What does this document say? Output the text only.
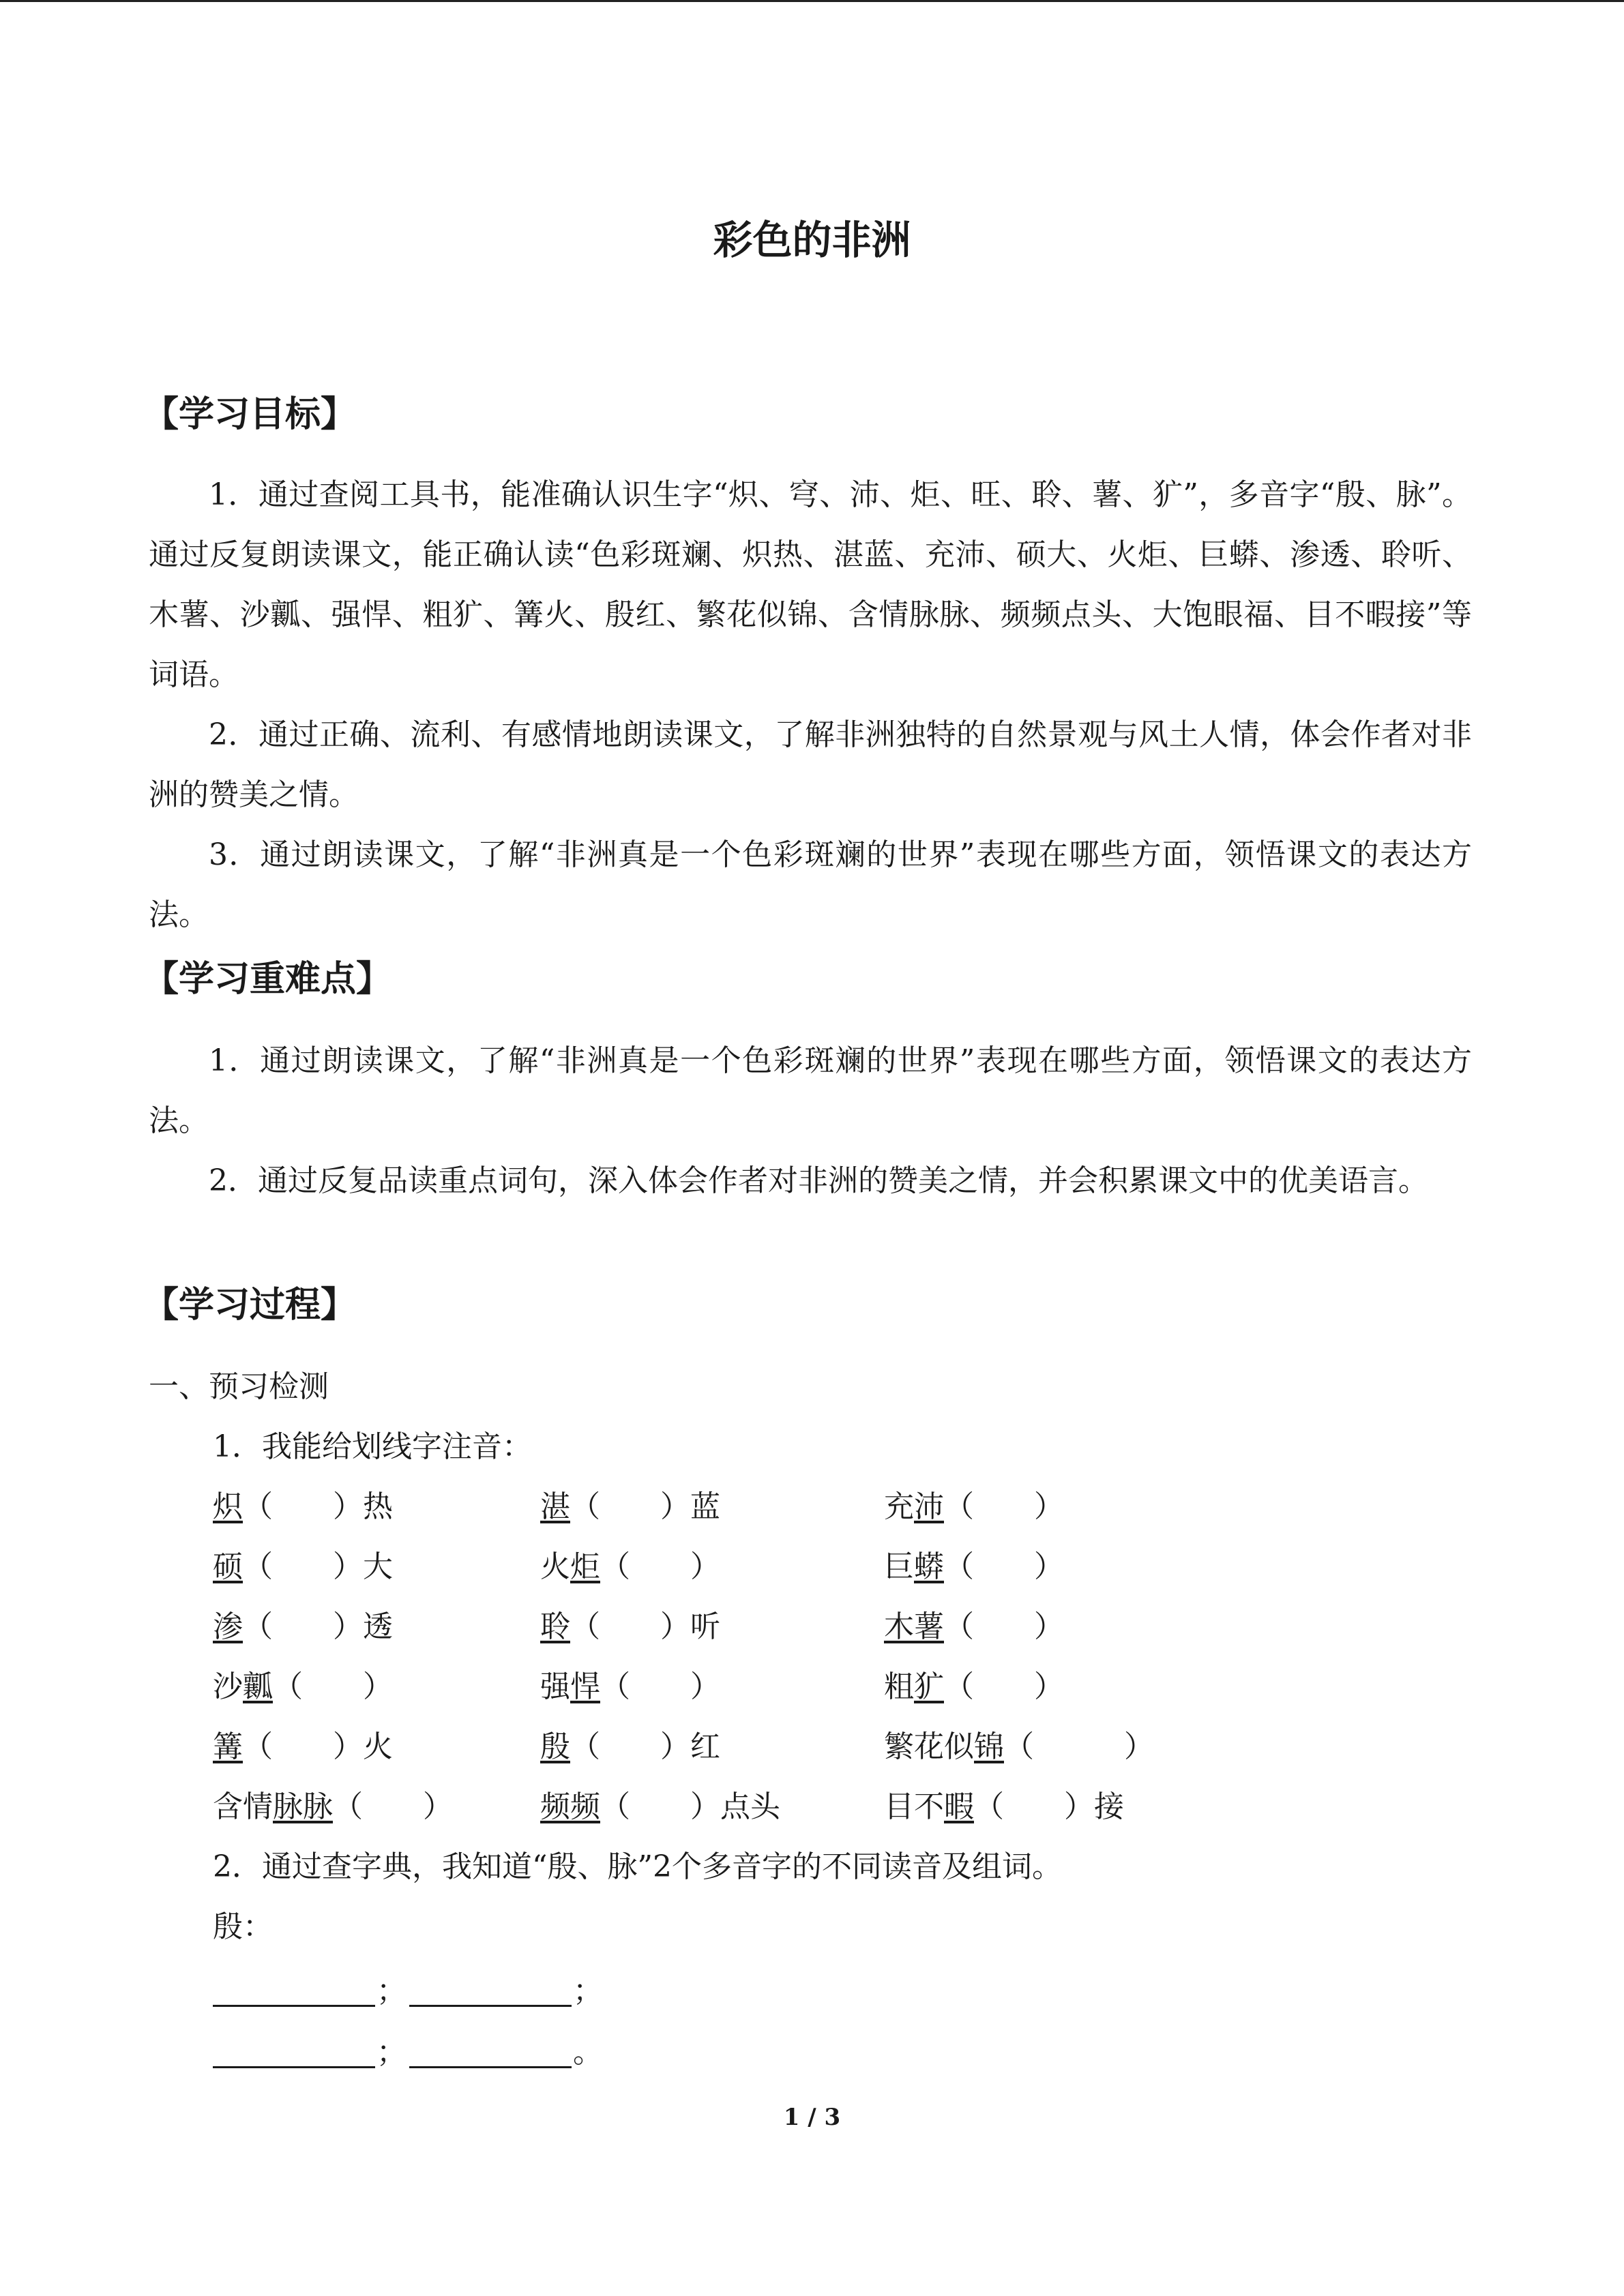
彩色的非洲
【学习目标】
1．通过查阅工具书，能准确认识生字“炽、穹、沛、炬、旺、聆、薯、犷”，多音字“殷、脉”。通过反复朗读课文，能正确认读“色彩斑斓、炽热、湛蓝、充沛、硕大、火炬、巨蟒、渗透、聆听、木薯、沙瓤、强悍、粗犷、篝火、殷红、繁花似锦、含情脉脉、频频点头、大饱眼福、目不暇接”等词语。
2．通过正确、流利、有感情地朗读课文，了解非洲独特的自然景观与风土人情，体会作者对非洲的赞美之情。
3．通过朗读课文，了解“非洲真是一个色彩斑斓的世界”表现在哪些方面，领悟课文的表达方法。
【学习重难点】
1．通过朗读课文，了解“非洲真是一个色彩斑斓的世界”表现在哪些方面，领悟课文的表达方法。
2．通过反复品读重点词句，深入体会作者对非洲的赞美之情，并会积累课文中的优美语言。
【学习过程】
一、预习检测
1．我能给划线字注音：
炽（　　）热	湛（　　）蓝	充沛（　　）
硕（　　）大	火炬（　　）	巨蟒（　　）
渗（　　）透	聆（　　）听	木薯（　　）
沙瓤（　　）	强悍（　　）	粗犷（　　）
篝（　　）火	殷（　　）红	繁花似锦（　　　）
含情脉脉（　　）	频频（　　）点头	目不暇（　　）接
2．通过查字典，我知道“殷、脉”2个多音字的不同读音及组词。
殷：
；	；
；	。
1 / 3
